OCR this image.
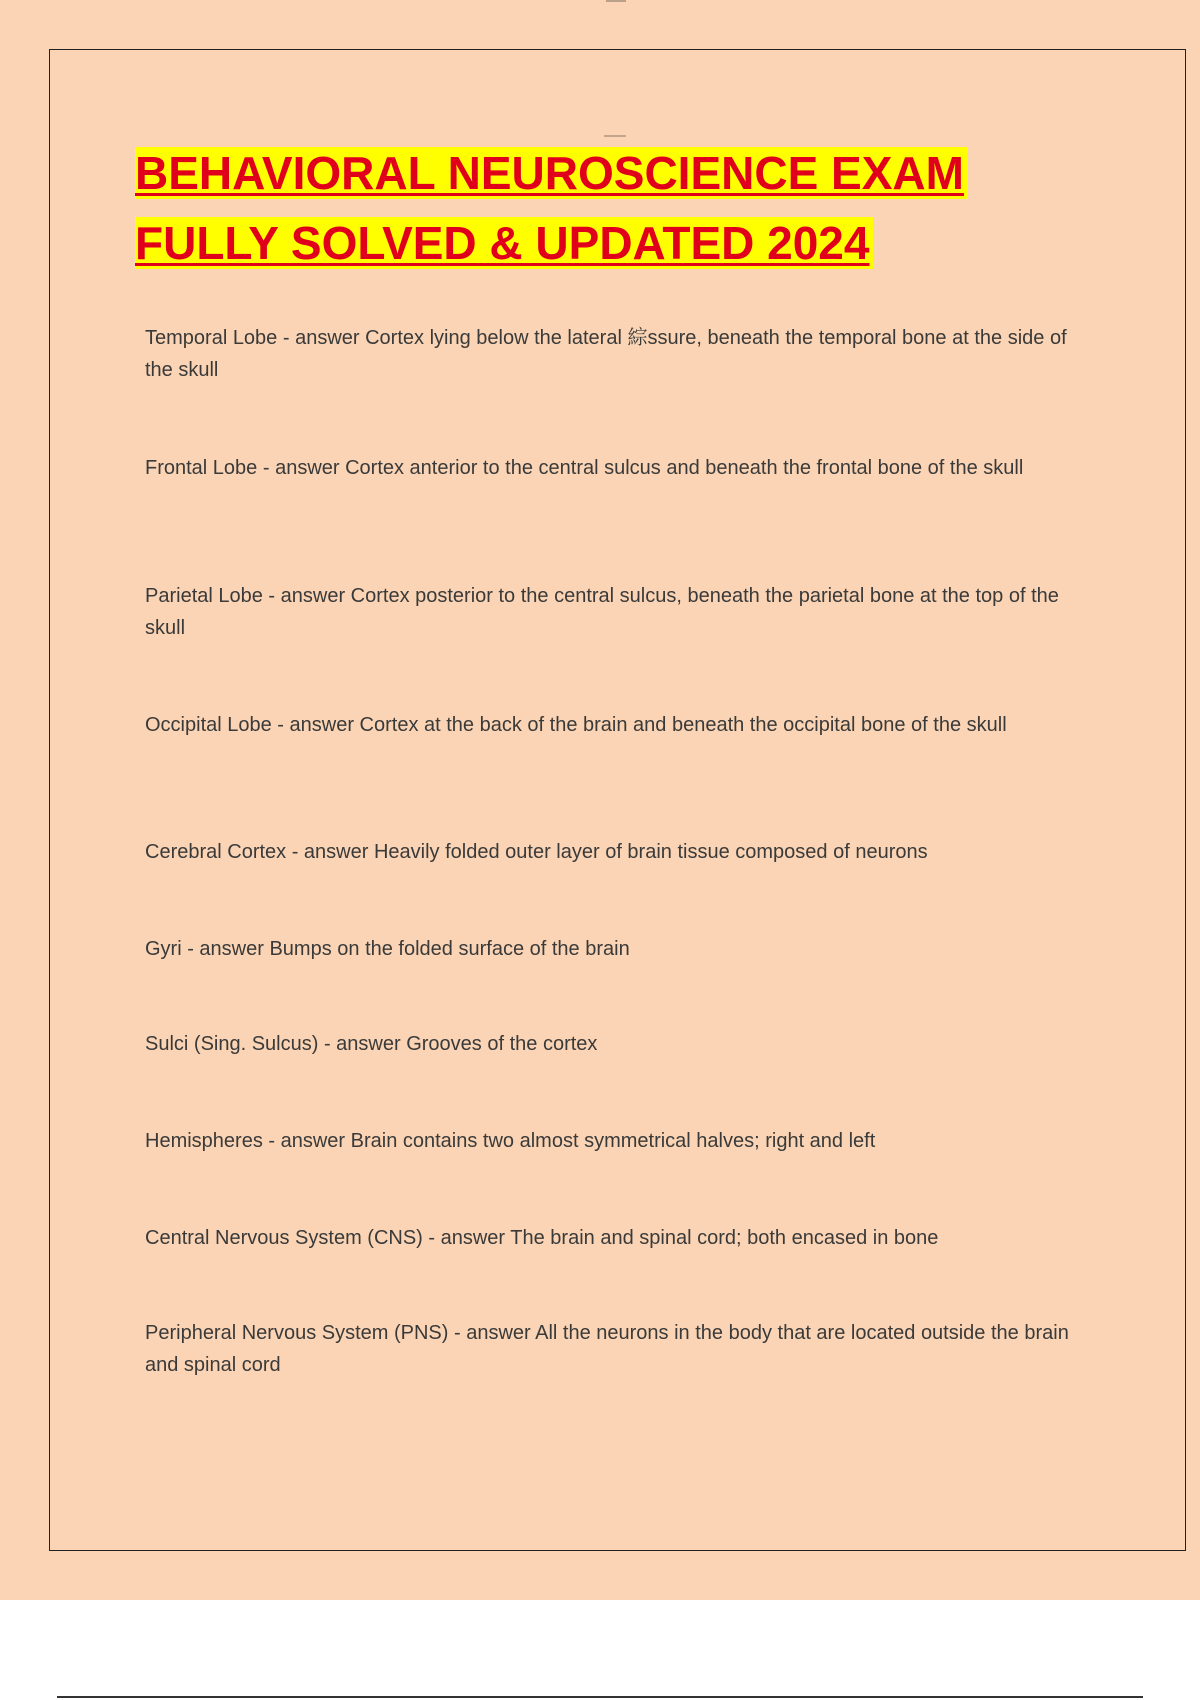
BEHAVIORAL NEUROSCIENCE EXAM
FULLY SOLVED & UPDATED 2024
Temporal Lobe - answer Cortex lying below the lateral 綜ssure, beneath the temporal bone at the side of the skull
Frontal Lobe - answer Cortex anterior to the central sulcus and beneath the frontal bone of the skull
Parietal Lobe - answer Cortex posterior to the central sulcus, beneath the parietal bone at the top of the skull
Occipital Lobe - answer Cortex at the back of the brain and beneath the occipital bone of the skull
Cerebral Cortex - answer Heavily folded outer layer of brain tissue composed of neurons
Gyri - answer Bumps on the folded surface of the brain
Sulci (Sing. Sulcus) - answer Grooves of the cortex
Hemispheres - answer Brain contains two almost symmetrical halves; right and left
Central Nervous System (CNS) - answer The brain and spinal cord; both encased in bone
Peripheral Nervous System (PNS) - answer All the neurons in the body that are located outside the brain and spinal cord
